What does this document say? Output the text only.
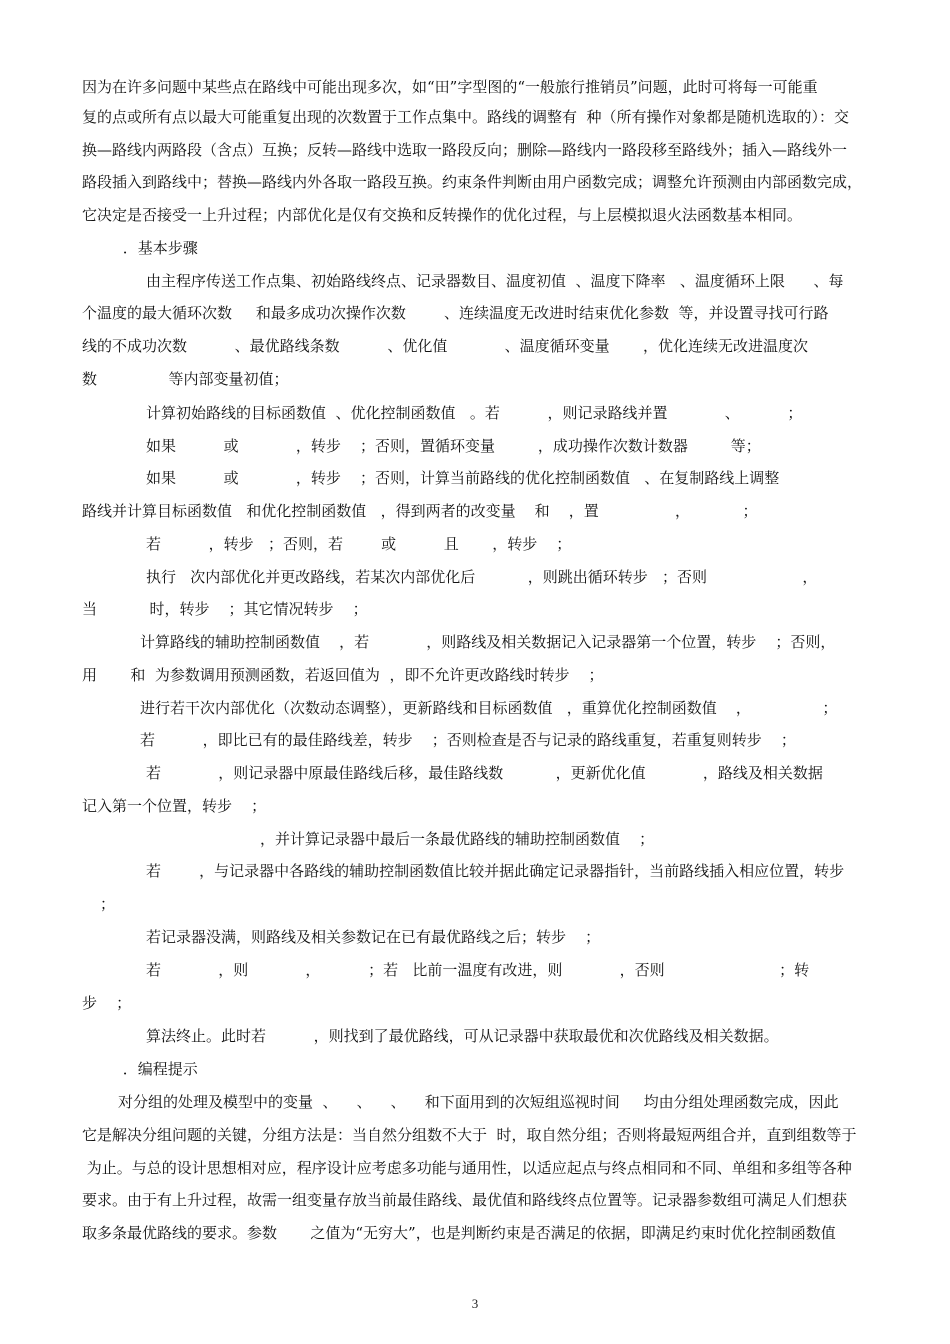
因为在许多问题中某些点在路线中可能出现多次，如“田”字型图的“一般旅行推销员”问题，此时可将每一可能重
复的点或所有点以最大可能重复出现的次数置于工作点集中。路线的调整有  种（所有操作对象都是随机选取的）：交
换—路线内两路段（含点）互换；反转—路线中选取一路段反向；删除—路线内一路段移至路线外；插入—路线外一
路段插入到路线中；替换—路线内外各取一路段互换。约束条件判断由用户函数完成；调整允许预测由内部函数完成，
它决定是否接受一上升过程；内部优化是仅有交换和反转操作的优化过程，与上层模拟退火法函数基本相同。
．基本步骤
由主程序传送工作点集、初始路线终点、记录器数目、温度初值  、温度下降率   、温度循环上限      、每
个温度的最大循环次数     和最多成功次操作次数        、连续温度无改进时结束优化参数  等，并设置寻找可行路
线的不成功次数          、最优路线条数          、优化值            、温度循环变量       ，优化连续无改进温度次
数               等内部变量初值；
计算初始路线的目标函数值  、优化控制函数值   。若          ，则记录路线并置            、          ；
如果          或            ，转步    ；否则，置循环变量         ，成功操作次数计数器         等；
如果          或            ，转步    ；否则，计算当前路线的优化控制函数值   、在复制路线上调整
路线并计算目标函数值   和优化控制函数值   ，得到两者的改变量    和    ，置                ，           ；
若          ，转步   ；否则，若        或          且       ，转步    ；
执行   次内部优化并更改路线，若某次内部优化后           ，则跳出循环转步   ；否则                    ，
当           时，转步    ；其它情况转步    ；
计算路线的辅助控制函数值    ，若            ，则路线及相关数据记入记录器第一个位置，转步    ；否则，
用       和  为参数调用预测函数，若返回值为  ，即不允许更改路线时转步    ；
进行若干次内部优化（次数动态调整），更新路线和目标函数值   ，重算优化控制函数值    ，               ；
若          ，即比已有的最佳路线差，转步    ；否则检查是否与记录的路线重复，若重复则转步    ；
若            ，则记录器中原最佳路线后移，最佳路线数           ，更新优化值            ，路线及相关数据
记入第一个位置，转步    ；
，并计算记录器中最后一条最优路线的辅助控制函数值    ；
若        ，与记录器中各路线的辅助控制函数值比较并据此确定记录器指针，当前路线插入相应位置，转步
；
若记录器没满，则路线及相关参数记在已有最优路线之后；转步    ；
若            ，则            ，          ；若   比前一温度有改进，则            ，否则                        ；转
步    ；
算法终止。此时若          ，则找到了最优路线，可从记录器中获取最优和次优路线及相关数据。
．编程提示
对分组的处理及模型中的变量  、    、    、    和下面用到的次短组巡视时间     均由分组处理函数完成，因此
它是解决分组问题的关键，分组方法是：当自然分组数不大于  时，取自然分组；否则将最短两组合并，直到组数等于
为止。与总的设计思想相对应，程序设计应考虑多功能与通用性，以适应起点与终点相同和不同、单组和多组等各种
要求。由于有上升过程，故需一组变量存放当前最佳路线、最优值和路线终点位置等。记录器参数组可满足人们想获
取多条最优路线的要求。参数       之值为“无穷大”，也是判断约束是否满足的依据，即满足约束时优化控制函数值
3
